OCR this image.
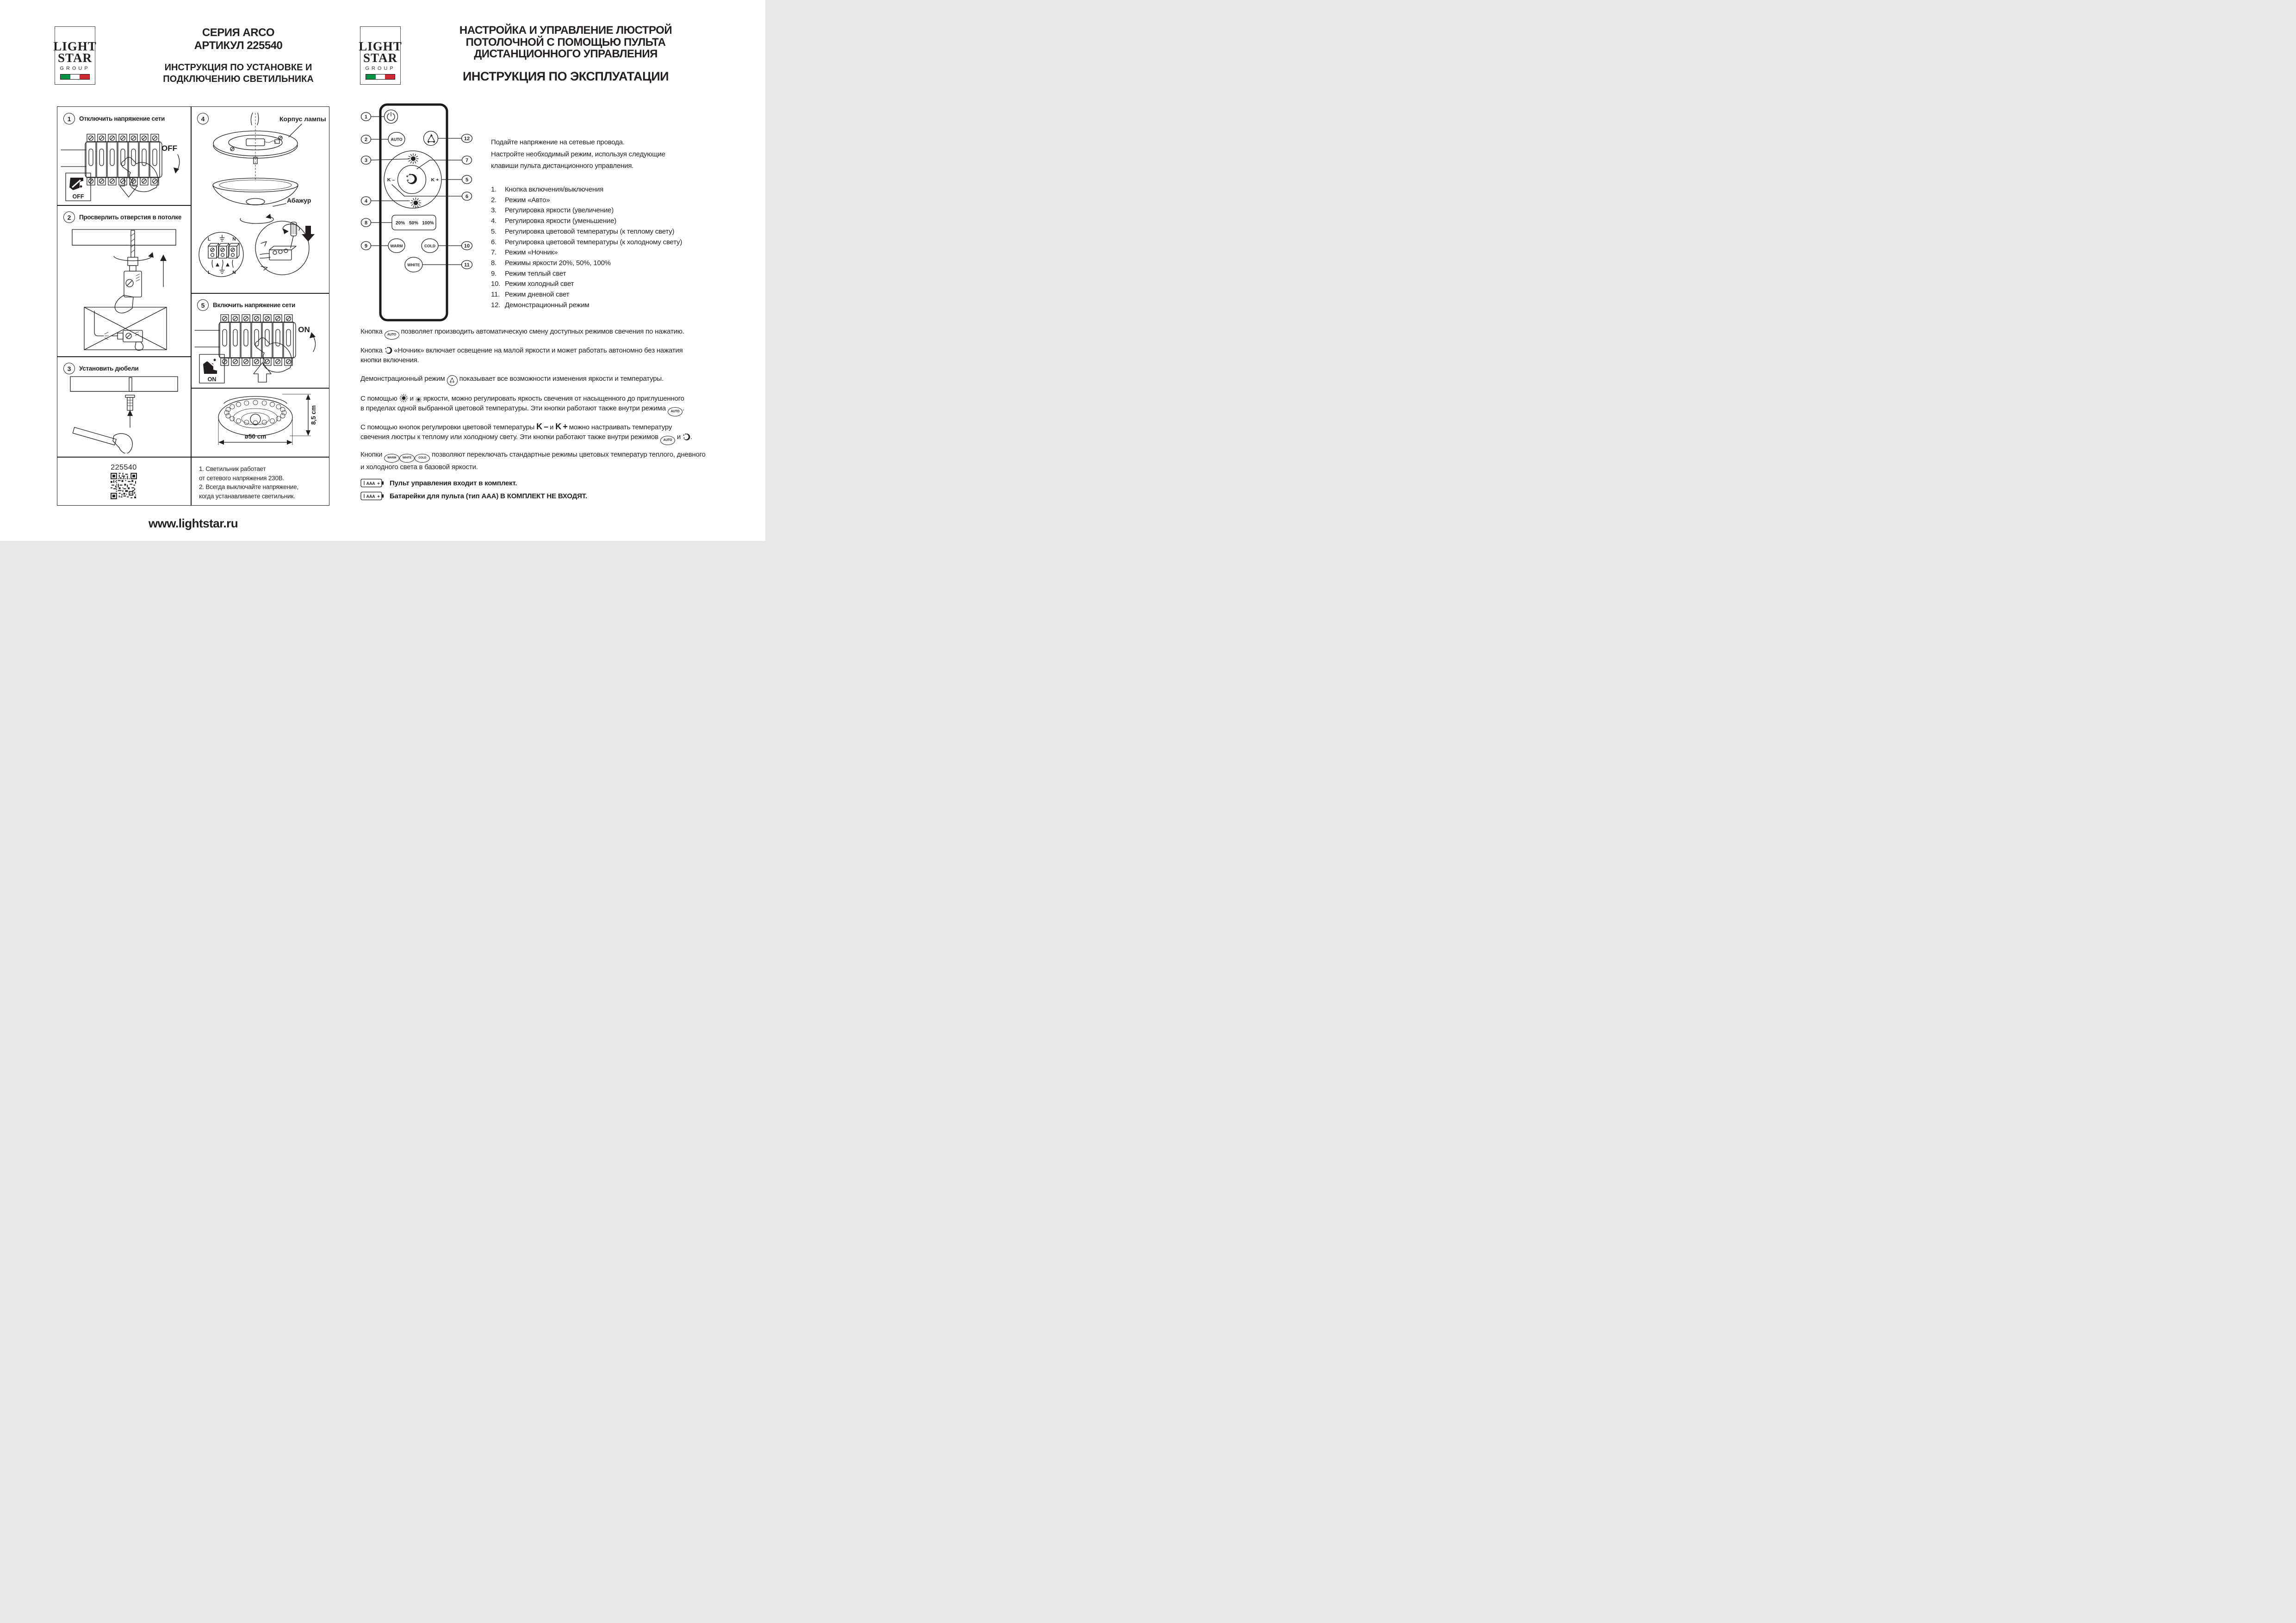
LIGHT
STAR
GROUP
СЕРИЯ ARCO
АРТИКУЛ 225540
ИНСТРУКЦИЯ ПО УСТАНОВКЕ И
ПОДКЛЮЧЕНИЮ СВЕТИЛЬНИКА
LIGHT
STAR
GROUP
НАСТРОЙКА И УПРАВЛЕНИЕ ЛЮСТРОЙ
ПОТОЛОЧНОЙ С ПОМОЩЬЮ ПУЛЬТА
ДИСТАНЦИОННОГО УПРАВЛЕНИЯ
ИНСТРУКЦИЯ ПО ЭКСПЛУАТАЦИИ
1	Отключить напряжение сети
OFF
OFF
2	Просверлить отверстия в потолке
3	Установить дюбели
225540
4	Корпус лампы
Абажур
L	N
L	N
5	Включить напряжение сети
ON
ON
8,5 cm
ø50 cm
1. Светильник работает
от сетевого напряжения 230В.
2. Всегда выключайте напряжение,
когда устанавливаете светильник.
www.lightstar.ru
AUTO
K –	K +
20% 50% 100%
WARM	COLD
WHITE
1
2
3
4
8
9
12
7
5
6
10
11
Подайте напряжение на сетевые провода.
Настройте необходимый режим, используя следующие
клавиши пульта дистанционного управления.
1.	Кнопка включения/выключения
2.	Режим «Авто»
3.	Регулировка яркости (увеличение)
4.	Регулировка яркости (уменьшение)
5.	Регулировка цветовой температуры (к теплому свету)
6.	Регулировка цветовой температуры (к холодному свету)
7.	Режим «Ночник»
8.	Режимы яркости 20%, 50%, 100%
9.	Режим теплый свет
10. Режим холодный свет
11. Режим дневной свет
12. Демонстрационный режим
Кнопка AUTO позволяет производить автоматическую смену доступных режимов свечения по нажатию.
Кнопка «Ночник» включает освещение на малой яркости и может работать автономно без нажатия
кнопки включения.
Демонстрационный режим показывает все возможности изменения яркости и температуры.
С помощью и яркости, можно регулировать яркость свечения от насыщенного до приглушенного
в пределах одной выбранной цветовой температуры. Эти кнопки работают также внутри режима AUTO .
С помощью кнопок регулировки цветовой температуры K – и K + можно настраивать температуру
свечения люстры к теплому или холодному свету. Эти кнопки работают также внутри режимов AUTO и .
Кнопки WARM WHITE COLD позволяют переключать стандартные режимы цветовых температур теплого, дневного
и холодного света в базовой яркости.
AAA + Пульт управления входит в комплект.
AAA + Батарейки для пульта (тип ААА) В КОМПЛЕКТ НЕ ВХОДЯТ.
